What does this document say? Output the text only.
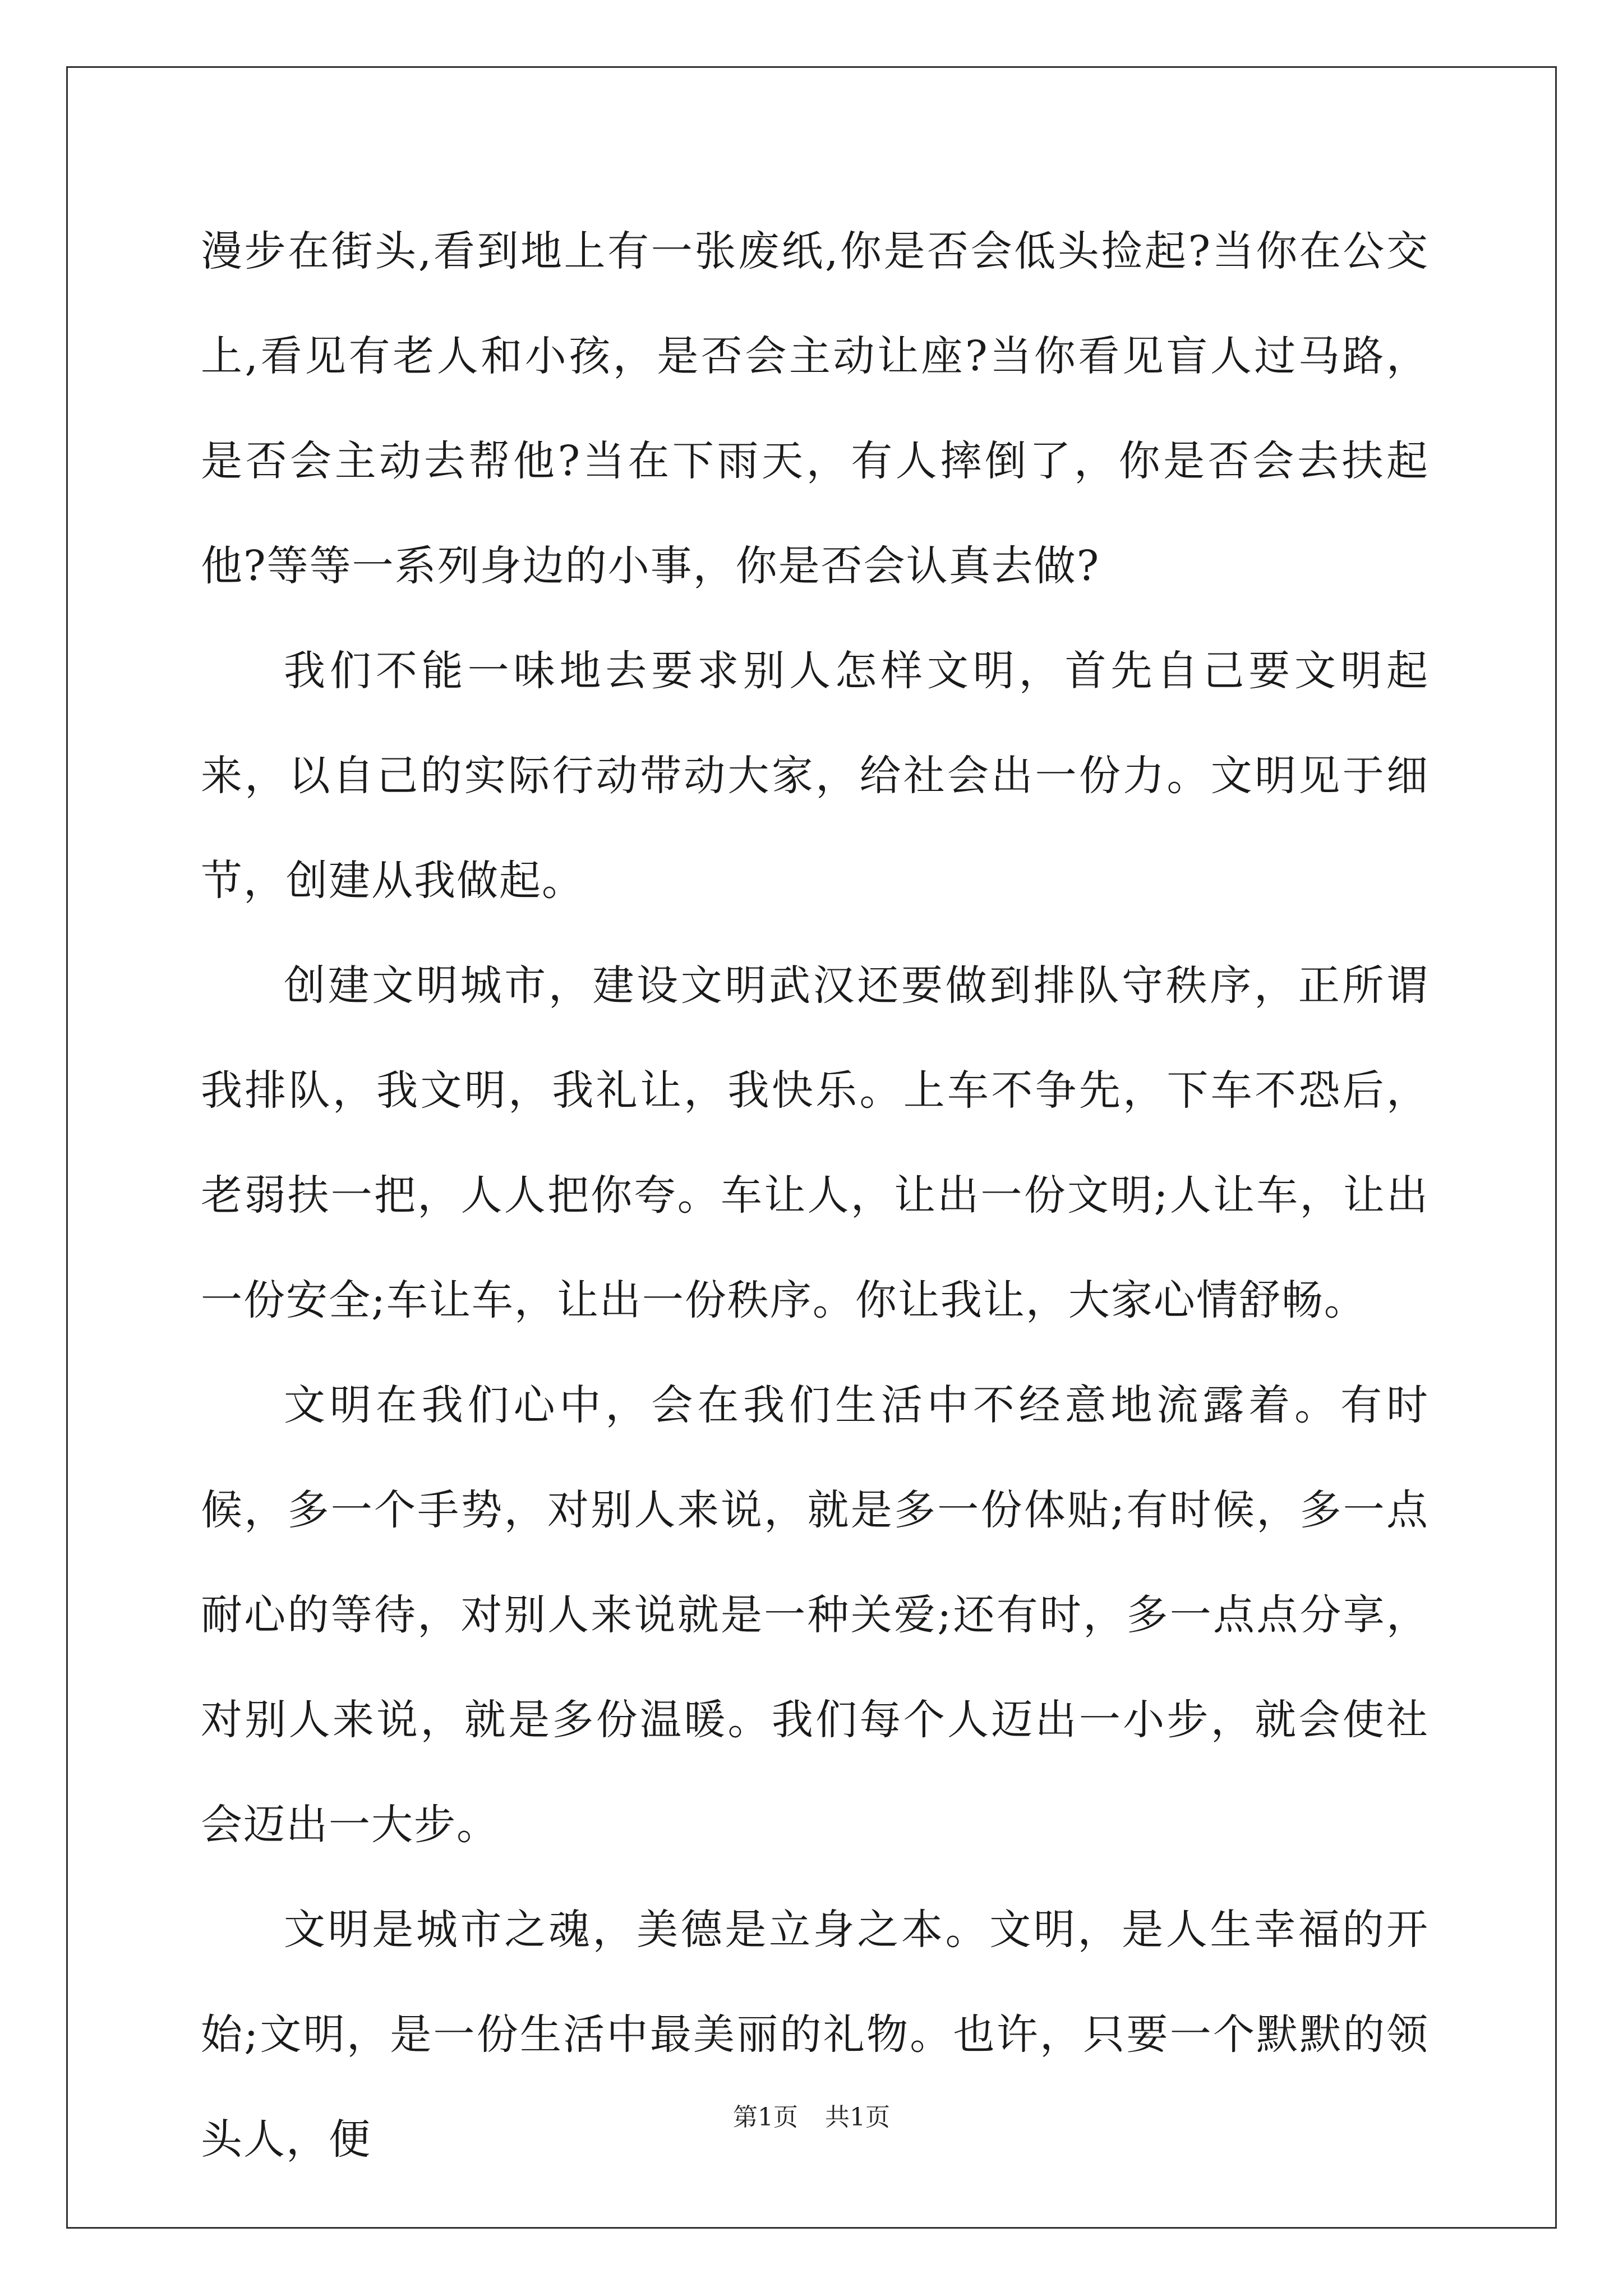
漫步在街头,看到地上有一张废纸,你是否会低头捡起?当你在公交上,看见有老人和小孩，是否会主动让座?当你看见盲人过马路，是否会主动去帮他?当在下雨天，有人摔倒了，你是否会去扶起他?等等一系列身边的小事，你是否会认真去做?

我们不能一味地去要求别人怎样文明，首先自己要文明起来，以自己的实际行动带动大家，给社会出一份力。文明见于细节，创建从我做起。

创建文明城市，建设文明武汉还要做到排队守秩序，正所谓我排队，我文明，我礼让，我快乐。上车不争先，下车不恐后，老弱扶一把，人人把你夸。车让人，让出一份文明;人让车，让出一份安全;车让车，让出一份秩序。你让我让，大家心情舒畅。

文明在我们心中，会在我们生活中不经意地流露着。有时候，多一个手势，对别人来说，就是多一份体贴;有时候，多一点耐心的等待，对别人来说就是一种关爱;还有时，多一点点分享，对别人来说，就是多份温暖。我们每个人迈出一小步，就会使社会迈出一大步。

文明是城市之魂，美德是立身之本。文明，是人生幸福的开始;文明，是一份生活中最美丽的礼物。也许，只要一个默默的领头人，便	第1页 共1页
